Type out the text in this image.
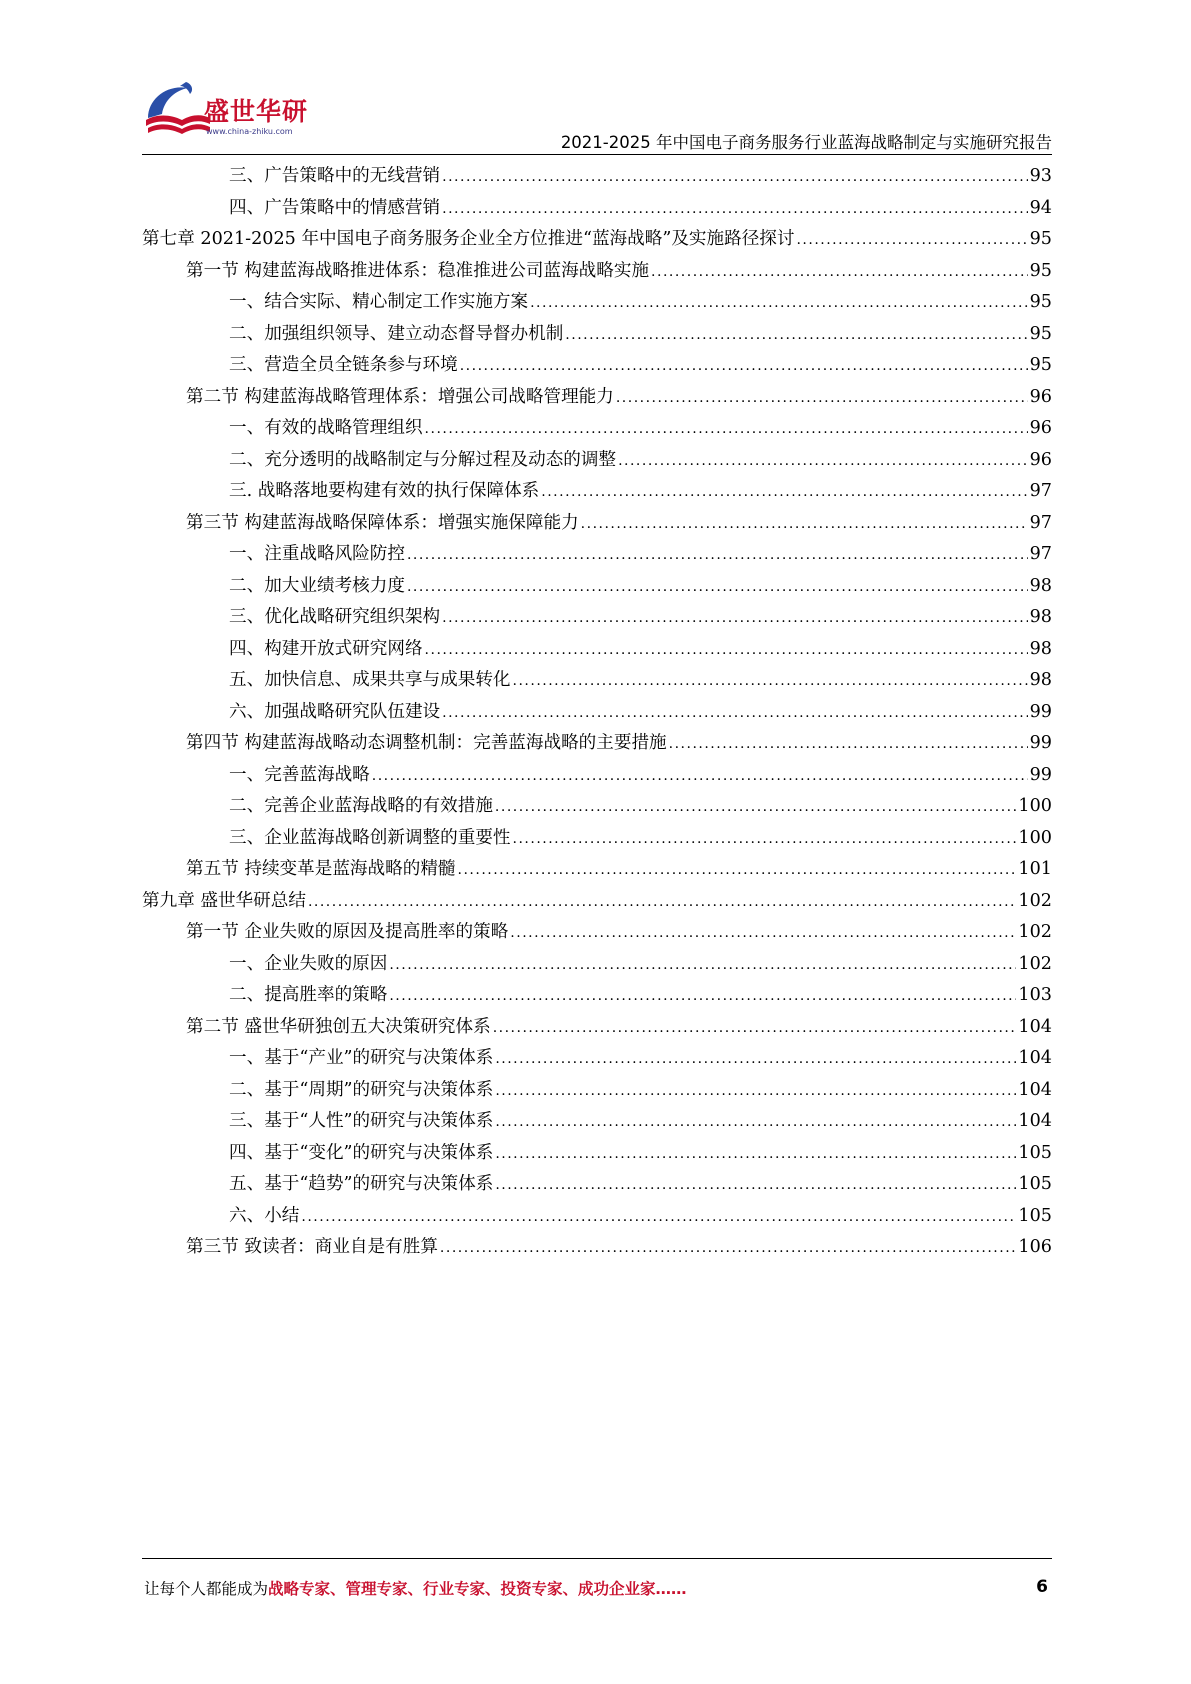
盛世华研
www.china-zhiku.com
2021-2025 年中国电子商务服务行业蓝海战略制定与实施研究报告
三、广告策略中的无线营销 .....	93
四、广告策略中的情感营销 .....	94
第七章 2021-2025 年中国电子商务服务企业全方位推进“蓝海战略”及实施路径探讨 .....	95
第一节 构建蓝海战略推进体系：稳准推进公司蓝海战略实施 .....	95
一、结合实际、精心制定工作实施方案 .....	95
二、加强组织领导、建立动态督导督办机制 .....	95
三、营造全员全链条参与环境 .....	95
第二节 构建蓝海战略管理体系：增强公司战略管理能力 .....	96
一、有效的战略管理组织 .....	96
二、充分透明的战略制定与分解过程及动态的调整 .....	96
三. 战略落地要构建有效的执行保障体系 .....	97
第三节 构建蓝海战略保障体系：增强实施保障能力 .....	97
一、注重战略风险防控 .....	97
二、加大业绩考核力度 .....	98
三、优化战略研究组织架构 .....	98
四、构建开放式研究网络 .....	98
五、加快信息、成果共享与成果转化 .....	98
六、加强战略研究队伍建设 .....	99
第四节 构建蓝海战略动态调整机制：完善蓝海战略的主要措施 .....	99
一、完善蓝海战略 .....	99
二、完善企业蓝海战略的有效措施 .....	100
三、企业蓝海战略创新调整的重要性 .....	100
第五节 持续变革是蓝海战略的精髓 .....	101
第九章 盛世华研总结 .....	102
第一节 企业失败的原因及提高胜率的策略 .....	102
一、企业失败的原因 .....	102
二、提高胜率的策略 .....	103
第二节 盛世华研独创五大决策研究体系 .....	104
一、基于“产业”的研究与决策体系 .....	104
二、基于“周期”的研究与决策体系 .....	104
三、基于“人性”的研究与决策体系 .....	104
四、基于“变化”的研究与决策体系 .....	105
五、基于“趋势”的研究与决策体系 .....	105
六、小结 .....	105
第三节 致读者：商业自是有胜算 .....	106
让每个人都能成为战略专家、管理专家、行业专家、投资专家、成功企业家……	6
